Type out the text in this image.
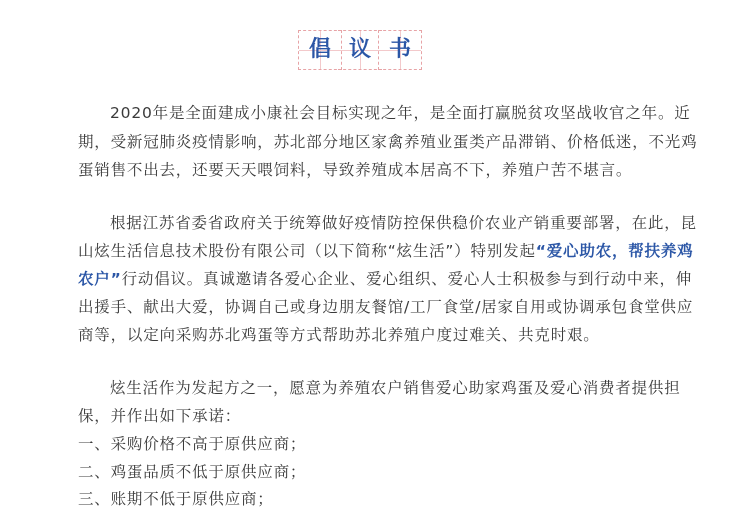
倡 议 书
2020年是全面建成小康社会目标实现之年，是全面打赢脱贫攻坚战收官之年。近
期，受新冠肺炎疫情影响，苏北部分地区家禽养殖业蛋类产品滞销、价格低迷，不光鸡
蛋销售不出去，还要天天喂饲料，导致养殖成本居高不下，养殖户苦不堪言。
根据江苏省委省政府关于统筹做好疫情防控保供稳价农业产销重要部署，在此，昆
山炫生活信息技术股份有限公司（以下简称“炫生活”）特别发起“爱心助农，帮扶养鸡
农户”行动倡议。真诚邀请各爱心企业、爱心组织、爱心人士积极参与到行动中来，伸
出援手、献出大爱，协调自己或身边朋友餐馆/工厂食堂/居家自用或协调承包食堂供应
商等，以定向采购苏北鸡蛋等方式帮助苏北养殖户度过难关、共克时艰。
炫生活作为发起方之一，愿意为养殖农户销售爱心助家鸡蛋及爱心消费者提供担
保，并作出如下承诺：
一、采购价格不高于原供应商；
二、鸡蛋品质不低于原供应商；
三、账期不低于原供应商；
